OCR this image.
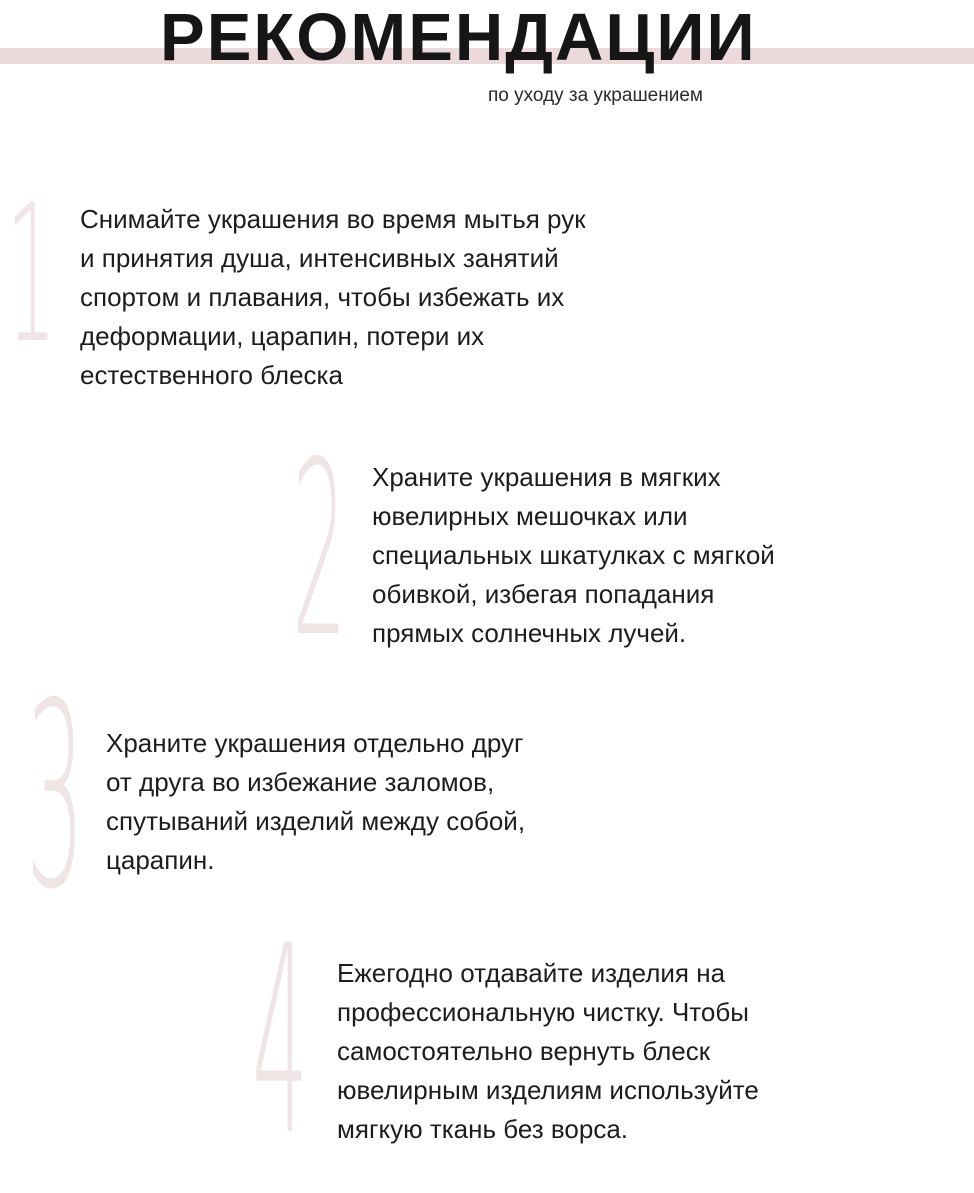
РЕКОМЕНДАЦИИ
по уходу за украшением
1 Снимайте украшения во время мытья рук
и принятия душа, интенсивных занятий
спортом и плавания, чтобы избежать их
деформации, царапин, потери их
естественного блеска
2 Храните украшения в мягких
ювелирных мешочках или
специальных шкатулках с мягкой
обивкой, избегая попадания
прямых солнечных лучей.
3 Храните украшения отдельно друг
от друга во избежание заломов,
спутываний изделий между собой,
царапин.
4 Ежегодно отдавайте изделия на
профессиональную чистку. Чтобы
самостоятельно вернуть блеск
ювелирным изделиям используйте
мягкую ткань без ворса.
